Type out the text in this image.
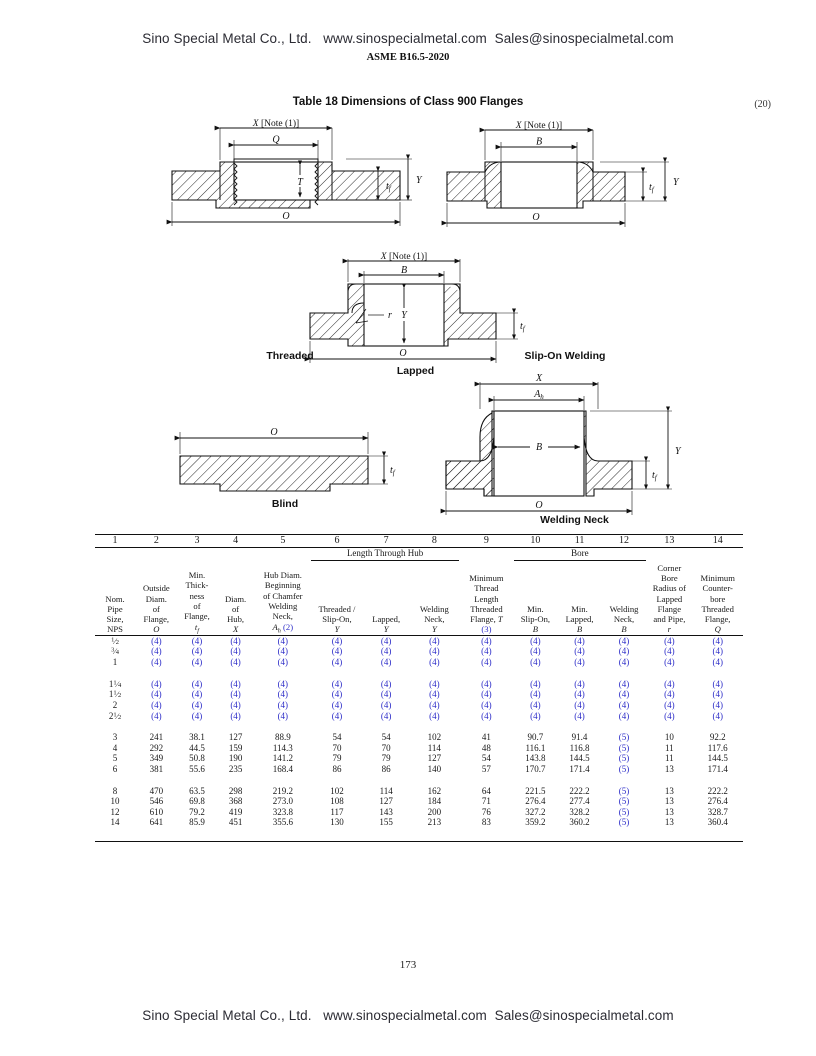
Sino Special Metal Co., Ltd.   www.sinospecialmetal.com  Sales@sinospecialmetal.com
ASME B16.5-2020
Table 18 Dimensions of Class 900 Flanges	(20)
X [Note (1)]
Q
T	$t_f$
Y
O
Threaded
X [Note (1)]
B
$t_f$
Y
O
Slip-On Welding
r
X [Note (1)]
B
Y
$t_f$
O
Lapped
O
$t_f$
Blind
X
$A_h$
B
$t_f$
Y
O
Welding Neck
1	2	3	4	5	6	7	8	9	10	11	12	13	14

					Length Through Hub				Bore				

Nom.
Pipe
Size,
NPS

Outside
Diam.
of
Flange,
O

Min.
Thick-
ness
of
Flange,
$t_f$

Diam.
of
Hub,
X

Hub Diam.
Beginning
of Chamfer
Welding
Neck,
$A_h$ (2)

Threaded /
Slip-On,
Y

Lapped,
Y

Welding
Neck,
Y

Minimum
Thread
Length
Threaded
Flange, T
(3)

Min.
Slip-On,
B

Min.
Lapped,
B

Welding
Neck,
B

Corner
Bore
Radius of
Lapped
Flange
and Pipe,
r

Minimum
Counter-
bore
Threaded
Flange,
Q

$^1$⁄2	(4)	(4)	(4)	(4)	(4)	(4)	(4)	(4)	(4)	(4)	(4)	(4)	(4)
$^3$⁄4	(4)	(4)	(4)	(4)	(4)	(4)	(4)	(4)	(4)	(4)	(4)	(4)	(4)
1	(4)	(4)	(4)	(4)	(4)	(4)	(4)	(4)	(4)	(4)	(4)	(4)	(4)

$1^1⁄4$	(4)	(4)	(4)	(4)	(4)	(4)	(4)	(4)	(4)	(4)	(4)	(4)	(4)
$1^1⁄2$	(4)	(4)	(4)	(4)	(4)	(4)	(4)	(4)	(4)	(4)	(4)	(4)	(4)
2	(4)	(4)	(4)	(4)	(4)	(4)	(4)	(4)	(4)	(4)	(4)	(4)	(4)
$2^1⁄2$	(4)	(4)	(4)	(4)	(4)	(4)	(4)	(4)	(4)	(4)	(4)	(4)	(4)

3	241	38.1	127	88.9	54	54	102	41	90.7	91.4	(5)	10	92.2
4	292	44.5	159	114.3	70	70	114	48	116.1	116.8	(5)	11	117.6
5	349	50.8	190	141.2	79	79	127	54	143.8	144.5	(5)	11	144.5
6	381	55.6	235	168.4	86	86	140	57	170.7	171.4	(5)	13	171.4

8	470	63.5	298	219.2	102	114	162	64	221.5	222.2	(5)	13	222.2
10	546	69.8	368	273.0	108	127	184	71	276.4	277.4	(5)	13	276.4
12	610	79.2	419	323.8	117	143	200	76	327.2	328.2	(5)	13	328.7
14	641	85.9	451	355.6	130	155	213	83	359.2	360.2	(5)	13	360.4

173
Sino Special Metal Co., Ltd.   www.sinospecialmetal.com  Sales@sinospecialmetal.com
